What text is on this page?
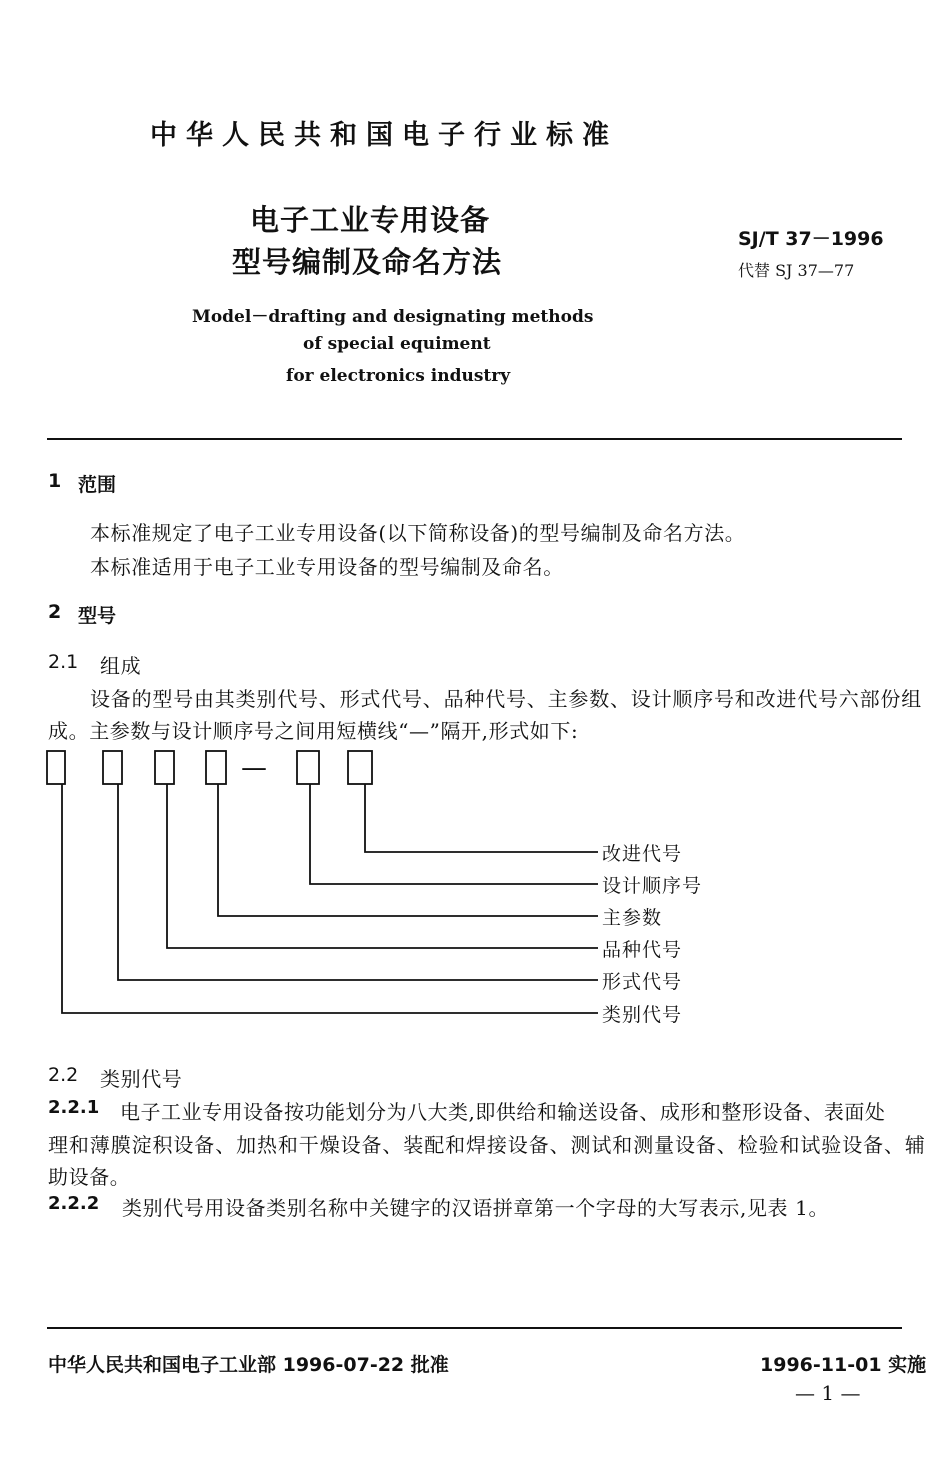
中华人民共和国电子行业标准
电子工业专用设备
型号编制及命名方法
SJ/T 37－1996
代替 SJ 37—77
Model－drafting and designating methods
of special equiment
for electronics industry
1 范围
本标准规定了电子工业专用设备(以下简称设备)的型号编制及命名方法。
本标准适用于电子工业专用设备的型号编制及命名。
2 型号
2.1 组成
设备的型号由其类别代号、形式代号、品种代号、主参数、设计顺序号和改进代号六部份组
成。主参数与设计顺序号之间用短横线“—”隔开,形式如下:
—
改进代号
设计顺序号
主参数
品种代号
形式代号
类别代号
2.2 类别代号
2.2.1 电子工业专用设备按功能划分为八大类,即供给和输送设备、成形和整形设备、表面处
理和薄膜淀积设备、加热和干燥设备、装配和焊接设备、测试和测量设备、检验和试验设备、辅
助设备。
2.2.2 类别代号用设备类别名称中关键字的汉语拼章第一个字母的大写表示,见表 1。
中华人民共和国电子工业部 1996-07-22 批准	1996-11-01 实施
— 1 —
